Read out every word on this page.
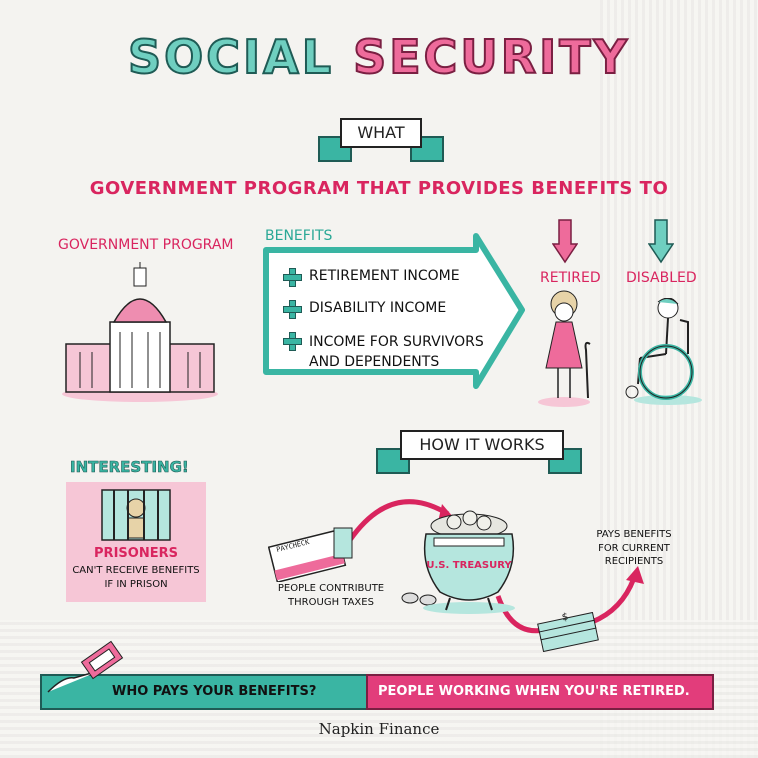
SOCIAL SECURITY
WHAT
GOVERNMENT PROGRAM THAT PROVIDES BENEFITS TO
GOVERNMENT PROGRAM
BENEFITS
RETIREMENT INCOME
DISABILITY INCOME
INCOME FOR SURVIVORS
AND DEPENDENTS
RETIRED DISABLED
HOW IT WORKS
INTERESTING!
PRISONERS
CAN'T RECEIVE BENEFITS
IF IN PRISON
PAYCHECK
PEOPLE CONTRIBUTE
THROUGH TAXES
U.S. TREASURY
$
PAYS BENEFITS
FOR CURRENT
RECIPIENTS
WHO PAYS YOUR BENEFITS?	PEOPLE WORKING WHEN YOU'RE RETIRED.
Napkin Finance
